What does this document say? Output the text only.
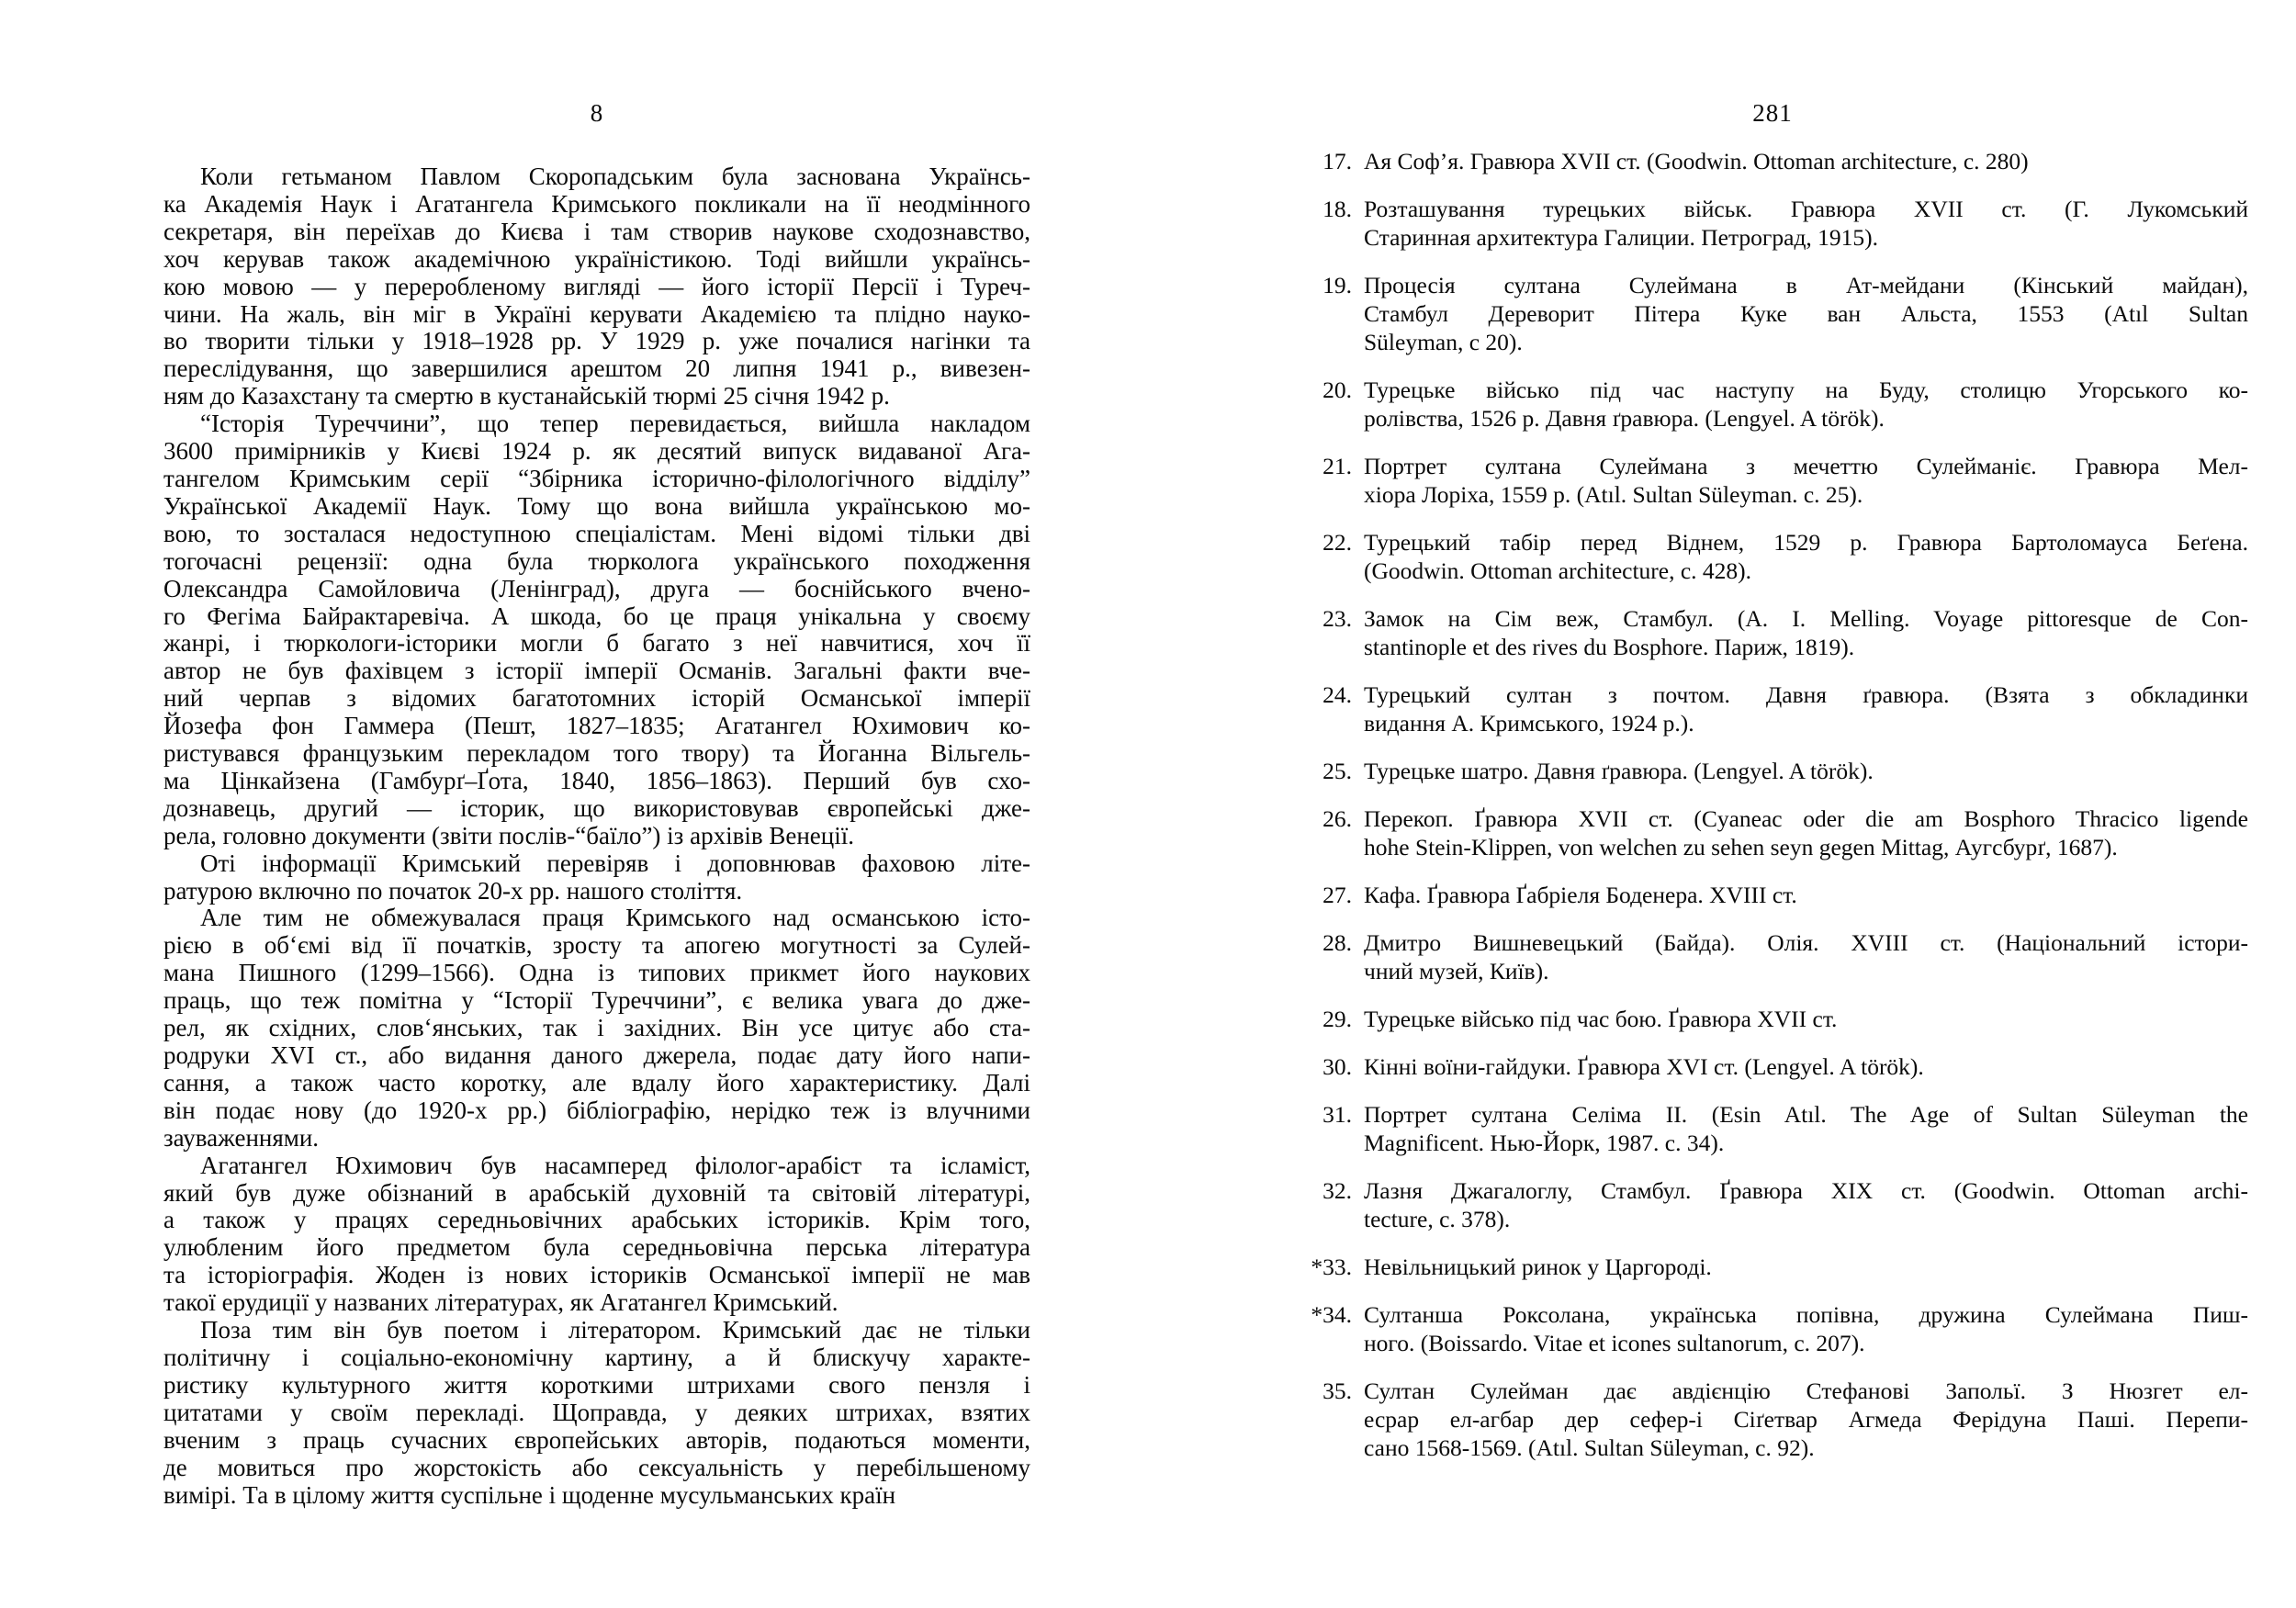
8
Коли гетьманом Павлом Скоропадським була заснована Українсь-
ка Академія Наук і Агатангела Кримського покликали на її неодмінного
секретаря, він переїхав до Києва і там створив наукове сходознавство,
хоч керував також академічною україністикою. Тоді вийшли українсь-
кою мовою — у переробленому вигляді — його історії Персії і Туреч-
чини. На жаль, він міг в Україні керувати Академією та плідно науко-
во творити тільки у 1918–1928 рр. У 1929 р. уже почалися нагінки та
переслідування, що завершилися арештом 20 липня 1941 р., вивезен-
ням до Казахстану та смертю в кустанайській тюрмі 25 січня 1942 р.
“Історія Туреччини”, що тепер перевидається, вийшла накладом
3600 примірників у Києві 1924 р. як десятий випуск видаваної Ага-
тангелом Кримським серії “Збірника історично-філологічного відділу”
Української Академії Наук. Тому що вона вийшла українською мо-
вою, то зосталася недоступною спеціалістам. Мені відомі тільки дві
тогочасні рецензії: одна була тюрколога українського походження
Олександра Самойловича (Ленінград), друга — боснійського вчено-
го Фегіма Байрактаревіча. А шкода, бо це праця унікальна у своєму
жанрі, і тюркологи-історики могли б багато з неї навчитися, хоч її
автор не був фахівцем з історії імперії Османів. Загальні факти вче-
ний черпав з відомих багатотомних історій Османської імперії
Йозефа фон Гаммера (Пешт, 1827–1835; Агатангел Юхимович ко-
ристувався французьким перекладом того твору) та Йоганна Вільгель-
ма Цінкайзена (Гамбурґ–Ґота, 1840, 1856–1863). Перший був схо-
дознавець, другий — історик, що використовував європейські дже-
рела, головно документи (звіти послів-“баїло”) із архівів Венеції.
Оті інформації Кримський перевіряв і доповнював фаховою літе-
ратурою включно по початок 20-х рр. нашого століття.
Але тим не обмежувалася праця Кримського над османською істо-
рією в об‘ємі від її початків, зросту та апогею могутності за Сулей-
мана Пишного (1299–1566). Одна із типових прикмет його наукових
праць, що теж помітна у “Історії Туреччини”, є велика увага до дже-
рел, як східних, слов‘янських, так і західних. Він усе цитує або ста-
родруки XVI ст., або видання даного джерела, подає дату його напи-
сання, а також часто коротку, але вдалу його характеристику. Далі
він подає нову (до 1920-х рр.) бібліографію, нерідко теж із влучними
зауваженнями.
Агатангел Юхимович був насамперед філолог-арабіст та ісламіст,
який був дуже обізнаний в арабській духовній та світовій літературі,
а також у працях середньовічних арабських істориків. Крім того,
улюбленим його предметом була середньовічна перська література
та історіографія. Жоден із нових істориків Османської імперії не мав
такої ерудиції у названих літературах, як Агатангел Кримський.
Поза тим він був поетом і літератором. Кримський дає не тільки
політичну і соціально-економічну картину, а й блискучу характе-
ристику культурного життя короткими штрихами свого пензля і
цитатами у своїм перекладі. Щоправда, у деяких штрихах, взятих
вченим з праць сучасних європейських авторів, подаються моменти,
де мовиться про жорстокість або сексуальність у перебільшеному
вимірі. Та в цілому життя суспільне і щоденне мусульманських країн
281
17. Ая Соф’я. Гравюра XVII ст. (Goodwin. Ottoman architecture, с. 280)
18. Розташування турецьких військ. Гравюра XVII ст. (Г. Лукомський
Старинная архитектура Галиции. Петроград, 1915).
19. Процесія султана Сулеймана в Ат-мейдани (Кінський майдан),
Стамбул Дереворит Пітера Куке ван Альста, 1553 (Atıl Sultan
Süleyman, с 20).
20. Турецьке військо під час наступу на Буду, столицю Угорського ко-
ролівства, 1526 р. Давня ґравюра. (Lengyel. A török).
21. Портрет султана Сулеймана з мечеттю Сулейманіє. Гравюра Мел-
хіора Лоріха, 1559 р. (Atıl. Sultan Süleyman. с. 25).
22. Турецький табір перед Віднем, 1529 р. Гравюра Бартоломауса Беґена.
(Goodwin. Ottoman architecture, с. 428).
23. Замок на Сім веж, Стамбул. (A. I. Melling. Voyage pittoresque de Con-
stantinople et des rives du Bosphore. Париж, 1819).
24. Турецький султан з почтом. Давня ґравюра. (Взята з обкладинки
видання А. Кримського, 1924 р.).
25. Турецьке шатро. Давня ґравюра. (Lengyel. A török).
26. Перекоп. Ґравюра XVII ст. (Cyaneac oder die am Bosphoro Thracico ligende
hohe Stein-Klippen, von welchen zu sehen seyn gegen Mittag, Аугсбурґ, 1687).
27. Кафа. Ґравюра Ґабріеля Боденера. XVIII ст.
28. Дмитро Вишневецький (Байда). Олія. XVIII ст. (Національний істори-
чний музей, Київ).
29. Турецьке військо під час бою. Ґравюра XVII ст.
30. Кінні воїни-гайдуки. Ґравюра XVI ст. (Lengyel. A török).
31. Портрет султана Селіма II. (Esin Atıl. The Age of Sultan Süleyman the
Magnificent. Нью-Йорк, 1987. с. 34).
32. Лазня Джагалоглу, Стамбул. Ґравюра XIX ст. (Goodwin. Ottoman archi-
tecture, с. 378).
*33. Невільницький ринок у Царгороді.
*34. Султанша Роксолана, українська попівна, дружина Сулеймана Пиш-
ного. (Boissardo. Vitae et icones sultanorum, с. 207).
35. Султан Сулейман дає авдієнцію Стефанові Запольї. З Нюзгет ел-
есрар ел-агбар дер сефер-і Сіґетвар Агмеда Ферідуна Паші. Перепи-
сано 1568-1569. (Atıl. Sultan Süleyman, с. 92).
